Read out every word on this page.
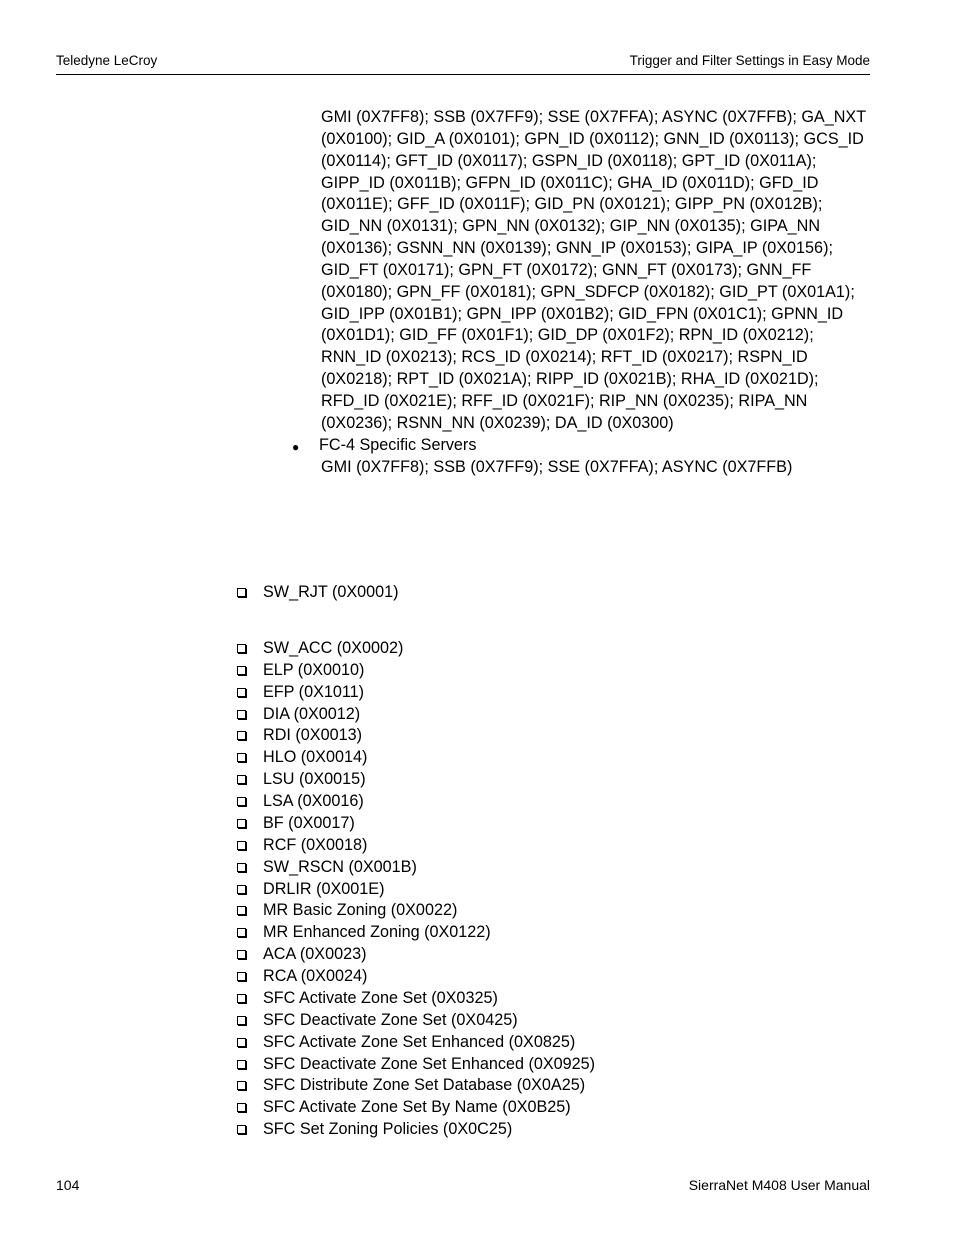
Teledyne LeCroy	Trigger and Filter Settings in Easy Mode
GMI (0X7FF8); SSB (0X7FF9); SSE (0X7FFA); ASYNC (0X7FFB); GA_NXT
(0X0100); GID_A (0X0101); GPN_ID (0X0112); GNN_ID (0X0113); GCS_ID
(0X0114); GFT_ID (0X0117); GSPN_ID (0X0118); GPT_ID (0X011A);
GIPP_ID (0X011B); GFPN_ID (0X011C); GHA_ID (0X011D); GFD_ID
(0X011E); GFF_ID (0X011F); GID_PN (0X0121); GIPP_PN (0X012B);
GID_NN (0X0131); GPN_NN (0X0132); GIP_NN (0X0135); GIPA_NN
(0X0136); GSNN_NN (0X0139); GNN_IP (0X0153); GIPA_IP (0X0156);
GID_FT (0X0171); GPN_FT (0X0172); GNN_FT (0X0173); GNN_FF
(0X0180); GPN_FF (0X0181); GPN_SDFCP (0X0182); GID_PT (0X01A1);
GID_IPP (0X01B1); GPN_IPP (0X01B2); GID_FPN (0X01C1); GPNN_ID
(0X01D1); GID_FF (0X01F1); GID_DP (0X01F2); RPN_ID (0X0212);
RNN_ID (0X0213); RCS_ID (0X0214); RFT_ID (0X0217); RSPN_ID
(0X0218); RPT_ID (0X021A); RIPP_ID (0X021B); RHA_ID (0X021D);
RFD_ID (0X021E); RFF_ID (0X021F); RIP_NN (0X0235); RIPA_NN
(0X0236); RSNN_NN (0X0239); DA_ID (0X0300)
● FC-4 Specific Servers
GMI (0X7FF8); SSB (0X7FF9); SSE (0X7FFA); ASYNC (0X7FFB)
SW_RJT (0X0001)
SW_ACC (0X0002)
ELP (0X0010)
EFP (0X1011)
DIA (0X0012)
RDI (0X0013)
HLO (0X0014)
LSU (0X0015)
LSA (0X0016)
BF (0X0017)
RCF (0X0018)
SW_RSCN (0X001B)
DRLIR (0X001E)
MR Basic Zoning (0X0022)
MR Enhanced Zoning (0X0122)
ACA (0X0023)
RCA (0X0024)
SFC Activate Zone Set (0X0325)
SFC Deactivate Zone Set (0X0425)
SFC Activate Zone Set Enhanced (0X0825)
SFC Deactivate Zone Set Enhanced (0X0925)
SFC Distribute Zone Set Database (0X0A25)
SFC Activate Zone Set By Name (0X0B25)
SFC Set Zoning Policies (0X0C25)
104	SierraNet M408 User Manual
